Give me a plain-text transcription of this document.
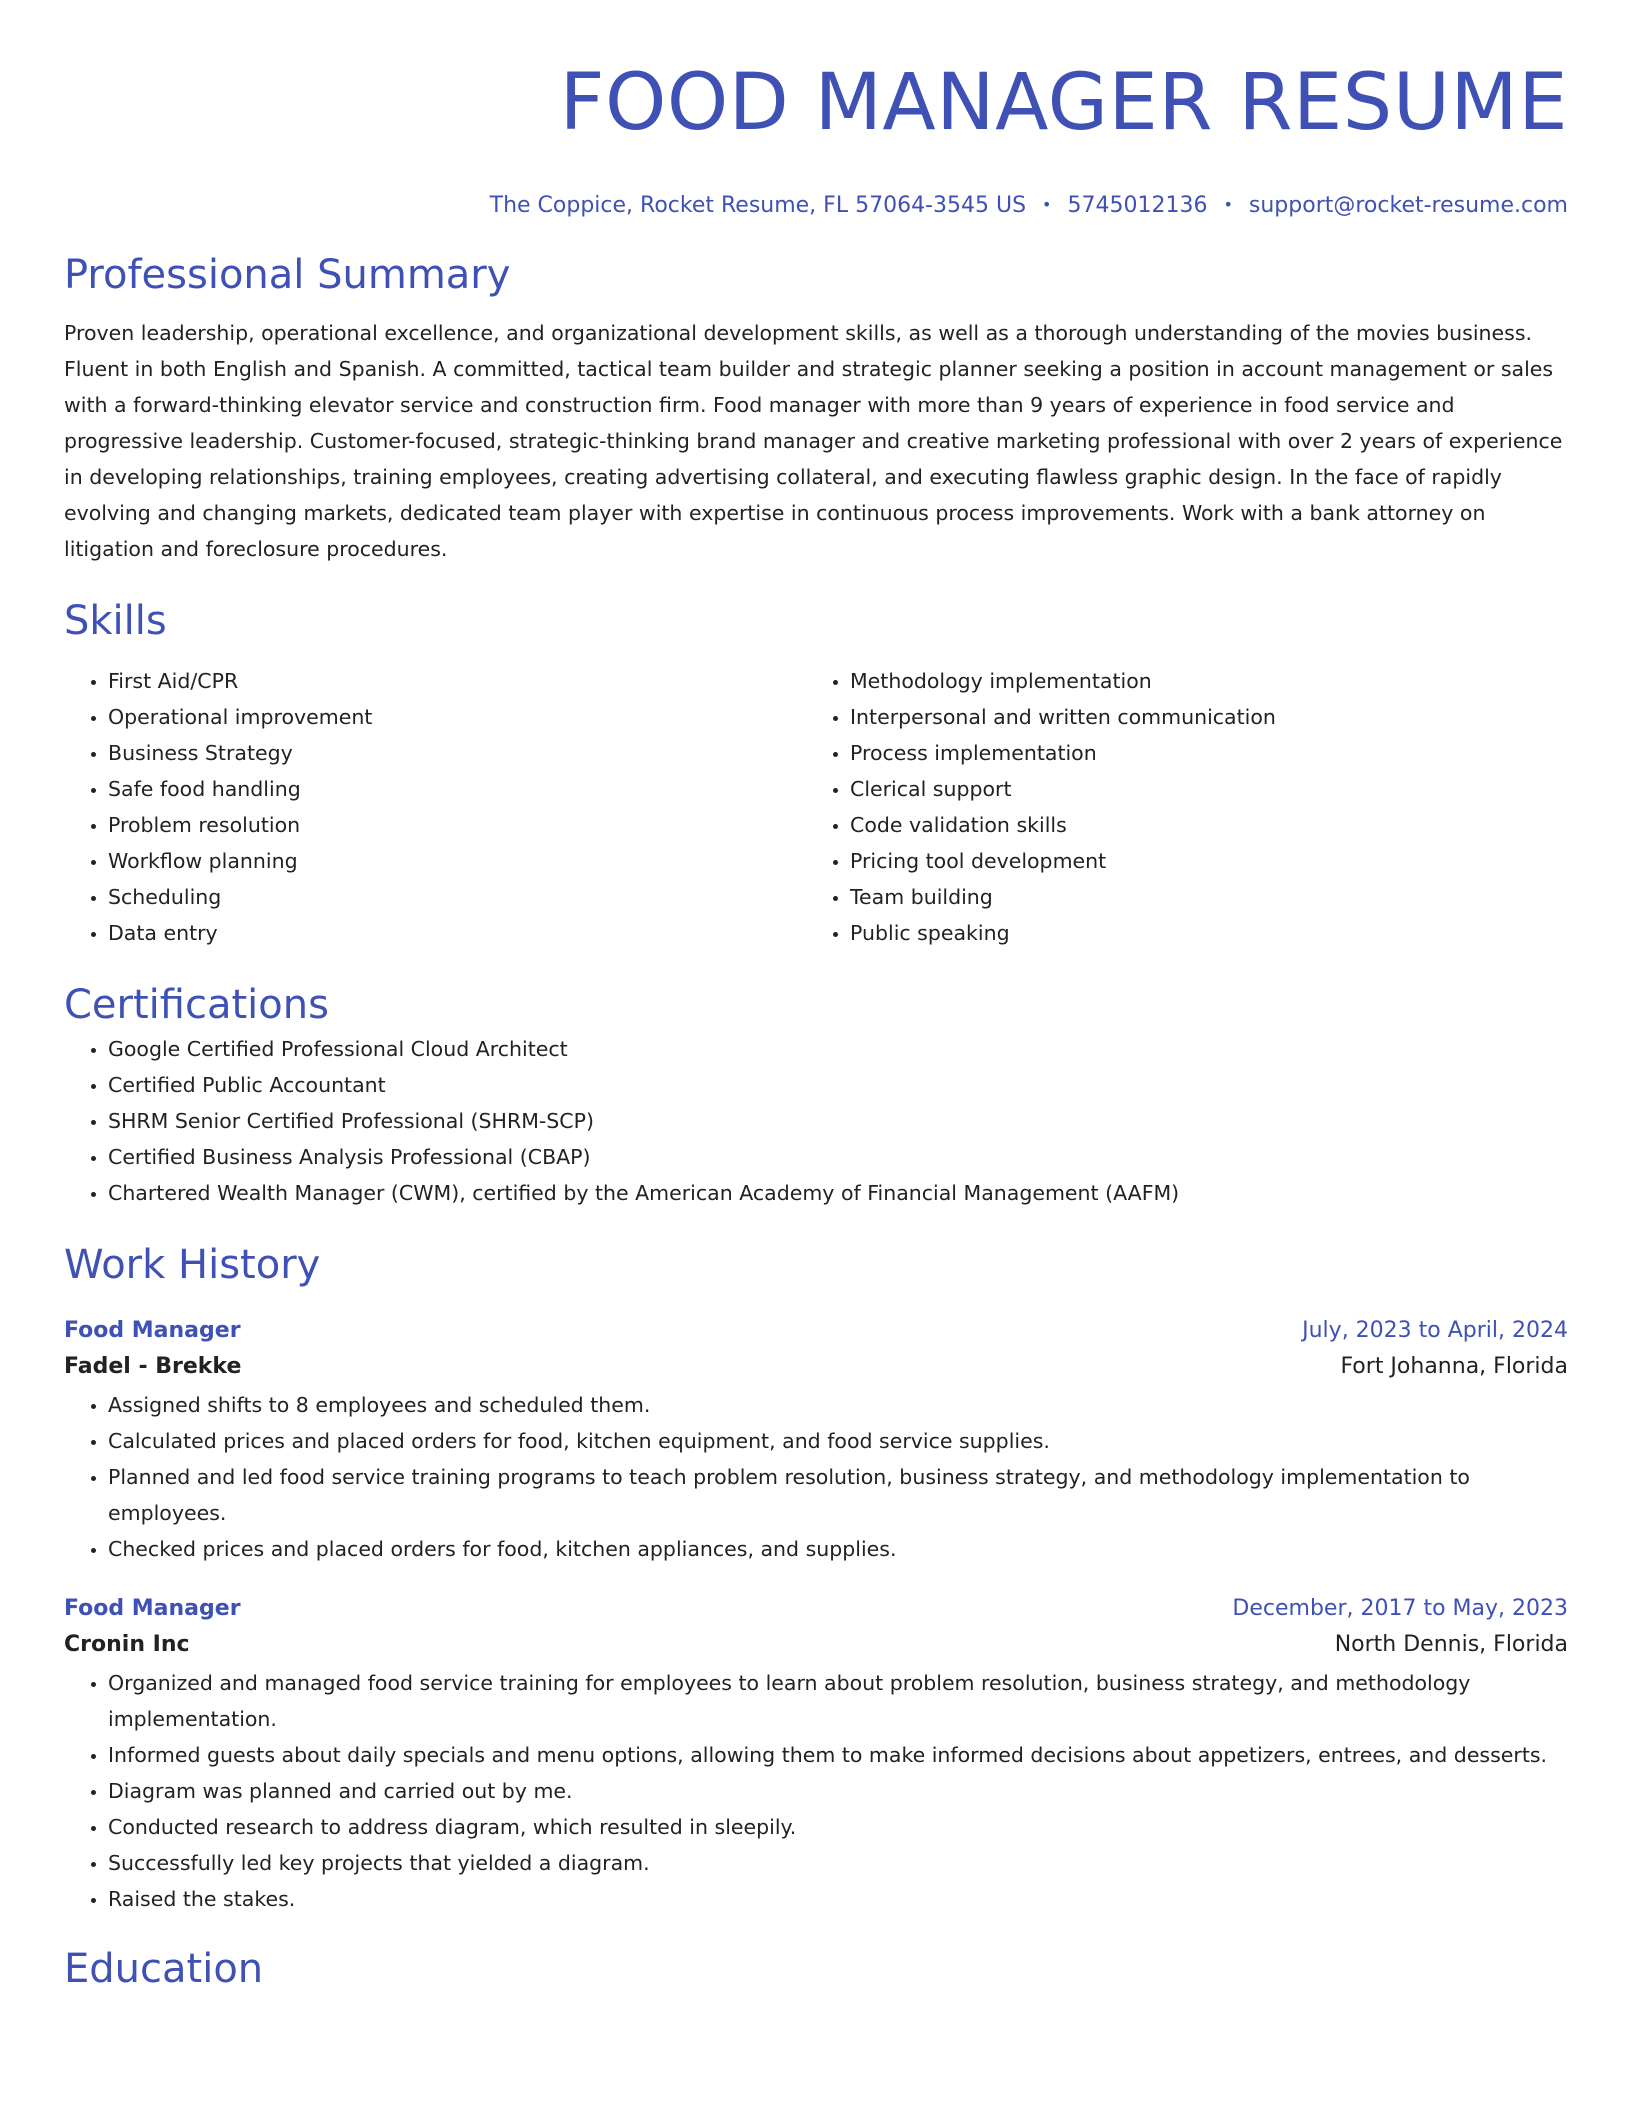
FOOD MANAGER RESUME
The Coppice, Rocket Resume, FL 57064-3545 US • 5745012136 • support@rocket-resume.com
Professional Summary

Proven leadership, operational excellence, and organizational development skills, as well as a thorough understanding of the movies business. Fluent in both English and Spanish. A committed, tactical team builder and strategic planner seeking a position in account management or sales with a forward-thinking elevator service and construction firm. Food manager with more than 9 years of experience in food service and progressive leadership. Customer-focused, strategic-thinking brand manager and creative marketing professional with over 2 years of experience in developing relationships, training employees, creating advertising collateral, and executing flawless graphic design. In the face of rapidly evolving and changing markets, dedicated team player with expertise in continuous process improvements. Work with a bank attorney on litigation and foreclosure procedures.

Skills
• First Aid/CPR
• Operational improvement
• Business Strategy
• Safe food handling
• Problem resolution
• Workflow planning
• Scheduling
• Data entry
• Methodology implementation
• Interpersonal and written communication
• Process implementation
• Clerical support
• Code validation skills
• Pricing tool development
• Team building
• Public speaking
Certifications
• Google Certified Professional Cloud Architect
• Certified Public Accountant
• SHRM Senior Certified Professional (SHRM-SCP)
• Certified Business Analysis Professional (CBAP)
• Chartered Wealth Manager (CWM), certified by the American Academy of Financial Management (AAFM)
Work History
Food Manager	July, 2023 to April, 2024
Fadel - Brekke	Fort Johanna, Florida
• Assigned shifts to 8 employees and scheduled them.
• Calculated prices and placed orders for food, kitchen equipment, and food service supplies.
• Planned and led food service training programs to teach problem resolution, business strategy, and methodology implementation to employees.
• Checked prices and placed orders for food, kitchen appliances, and supplies.
Food Manager	December, 2017 to May, 2023
Cronin Inc	North Dennis, Florida
• Organized and managed food service training for employees to learn about problem resolution, business strategy, and methodology implementation.
• Informed guests about daily specials and menu options, allowing them to make informed decisions about appetizers, entrees, and desserts.
• Diagram was planned and carried out by me.
• Conducted research to address diagram, which resulted in sleepily.
• Successfully led key projects that yielded a diagram.
• Raised the stakes.
Education
